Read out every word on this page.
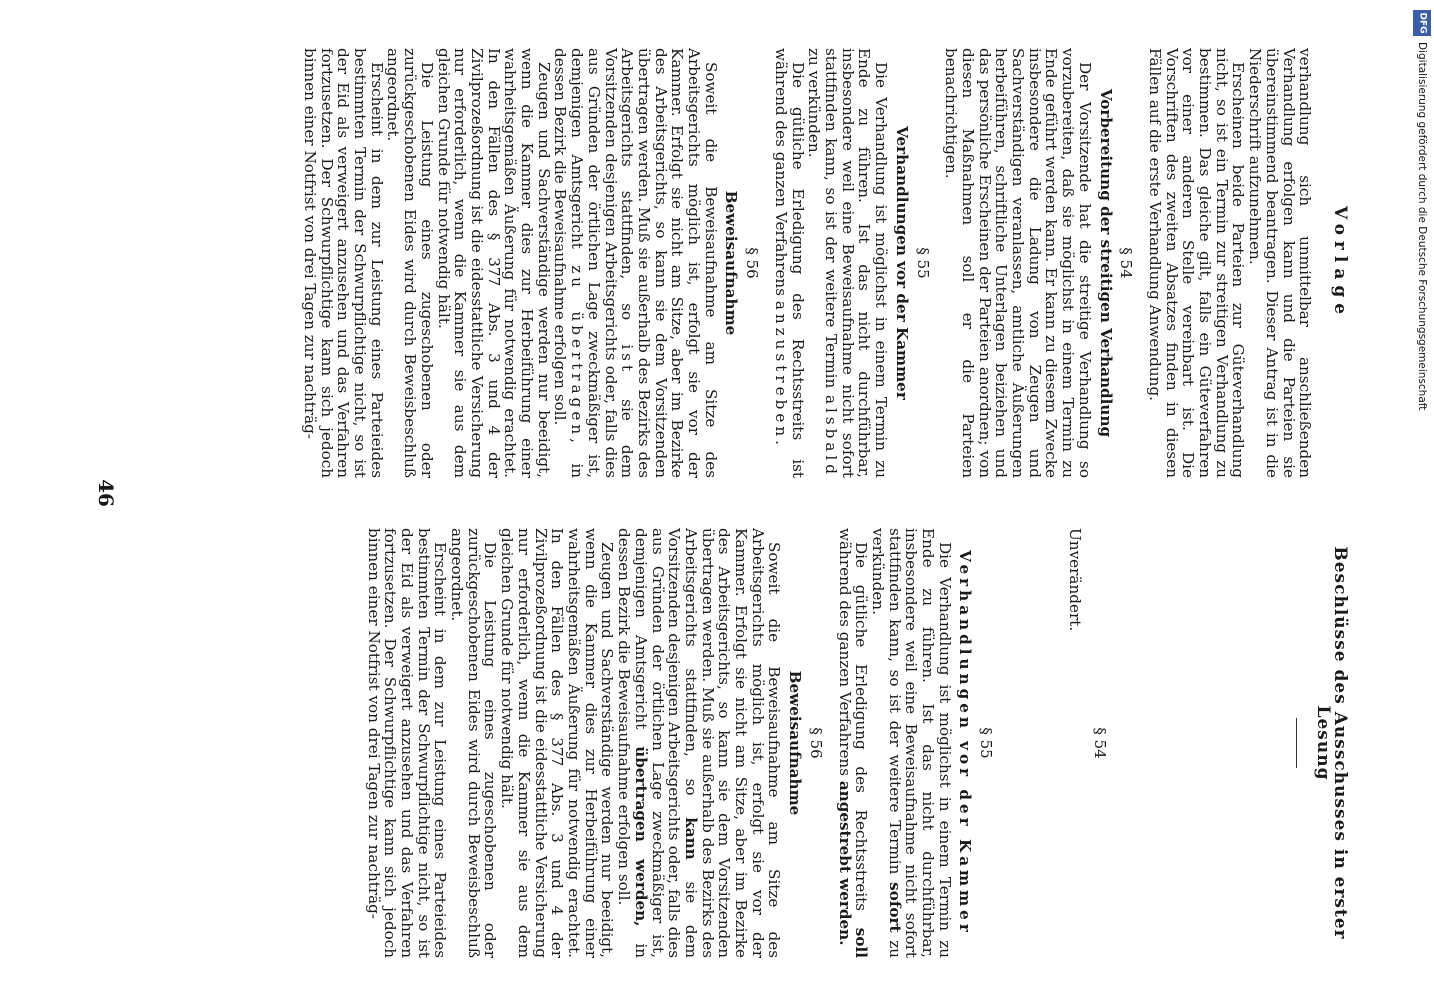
46
Vorlage

verhandlung sich unmittelbar anschließenden Verhandlung erfolgen kann und die Parteien sie übereinstimmend beantragen. Dieser Antrag ist in die Niederschrift aufzunehmen.

Erscheinen beide Parteien zur Güteverhandlung nicht, so ist ein Termin zur streitigen Verhandlung zu bestimmen. Das gleiche gilt, falls ein Güteverfahren vor einer anderen Stelle vereinbart ist. Die Vorschriften des zweiten Absatzes finden in diesen Fällen auf die erste Verhandlung Anwendung.

§ 54
Vorbereitung der streitigen Verhandlung

Der Vorsitzende hat die streitige Verhandlung so vorzubereiten, daß sie möglichst in einem Termin zu Ende geführt werden kann. Er kann zu diesem Zwecke insbesondere die Ladung von Zeugen und Sachverständigen veranlassen, amtliche Äußerungen herbeiführen, schriftliche Unterlagen beiziehen und das persönliche Erscheinen der Parteien anordnen; von diesen Maßnahmen soll er die Parteien benachrichtigen.

§ 55
Verhandlungen vor der Kammer

Die Verhandlung ist möglichst in einem Termin zu Ende zu führen. Ist das nicht durchführbar, insbesondere weil eine Beweisaufnahme nicht sofort stattfinden kann, so ist der weitere Termin alsbald zu verkünden.

Die gütliche Erledigung des Rechtsstreits ist während des ganzen Verfahrens anzustreben.

§ 56
Beweisaufnahme

Soweit die Beweisaufnahme am Sitze des Arbeitsgerichts möglich ist, erfolgt sie vor der Kammer. Erfolgt sie nicht am Sitze, aber im Bezirke des Arbeitsgerichts, so kann sie dem Vorsitzenden übertragen werden. Muß sie außerhalb des Bezirks des Arbeitsgerichts stattfinden, so ist sie dem Vorsitzenden desjenigen Arbeitsgerichts oder, falls dies aus Gründen der örtlichen Lage zweckmäßiger ist, demjenigen Amtsgericht zu übertragen, in dessen Bezirk die Beweisaufnahme erfolgen soll.

Zeugen und Sachverständige werden nur beeidigt, wenn die Kammer dies zur Herbeiführung einer wahrheitsgemäßen Äußerung für notwendig erachtet. In den Fällen des § 377 Abs. 3 und 4 der Zivilprozeßordnung ist die eidesstattliche Versicherung nur erforderlich, wenn die Kammer sie aus dem gleichen Grunde für notwendig hält.

Die Leistung eines zugeschobenen oder zurückgeschobenen Eides wird durch Beweisbeschluß angeordnet.

Erscheint in dem zur Leistung eines Parteieides bestimmten Termin der Schwurpflichtige nicht, so ist der Eid als verweigert anzusehen und das Verfahren fortzusetzen. Der Schwurpflichtige kann sich jedoch binnen einer Notfrist von drei Tagen zur nachträg-

Beschlüsse des Ausschusses in erster Lesung
§ 54

Unverändert.

§ 55
Verhandlungen vor der Kammer

Die Verhandlung ist möglichst in einem Termin zu Ende zu führen. Ist das nicht durchführbar, insbesondere weil eine Beweisaufnahme nicht sofort stattfinden kann, so ist der weitere Termin sofort zu verkünden.

Die gütliche Erledigung des Rechtsstreits soll während des ganzen Verfahrens angestrebt werden.

§ 56
Beweisaufnahme

Soweit die Beweisaufnahme am Sitze des Arbeitsgerichts möglich ist, erfolgt sie vor der Kammer. Erfolgt sie nicht am Sitze, aber im Bezirke des Arbeitsgerichts, so kann sie dem Vorsitzenden übertragen werden. Muß sie außerhalb des Bezirks des Arbeitsgerichts stattfinden, so kann sie dem Vorsitzenden desjenigen Arbeitsgerichts oder, falls dies aus Gründen der örtlichen Lage zweckmäßiger ist, demjenigen Amtsgericht übertragen werden, in dessen Bezirk die Beweisaufnahme erfolgen soll.

Zeugen und Sachverständige werden nur beeidigt, wenn die Kammer dies zur Herbeiführung einer wahrheitsgemäßen Äußerung für notwendig erachtet. In den Fällen des § 377 Abs. 3 und 4 der Zivilprozeßordnung ist die eidesstattliche Versicherung nur erforderlich, wenn die Kammer sie aus dem gleichen Grunde für notwendig hält.

Die Leistung eines zugeschobenen oder zurückgeschobenen Eides wird durch Beweisbeschluß angeordnet.

Erscheint in dem zur Leistung eines Parteieides bestimmten Termin der Schwurpflichtige nicht, so ist der Eid als verweigert anzusehen und das Verfahren fortzusetzen. Der Schwurpflichtige kann sich jedoch binnen einer Notfrist von drei Tagen zur nachträg-

DFG
Digitalisierung gefördert durch die Deutsche Forschungsgemeinschaft
